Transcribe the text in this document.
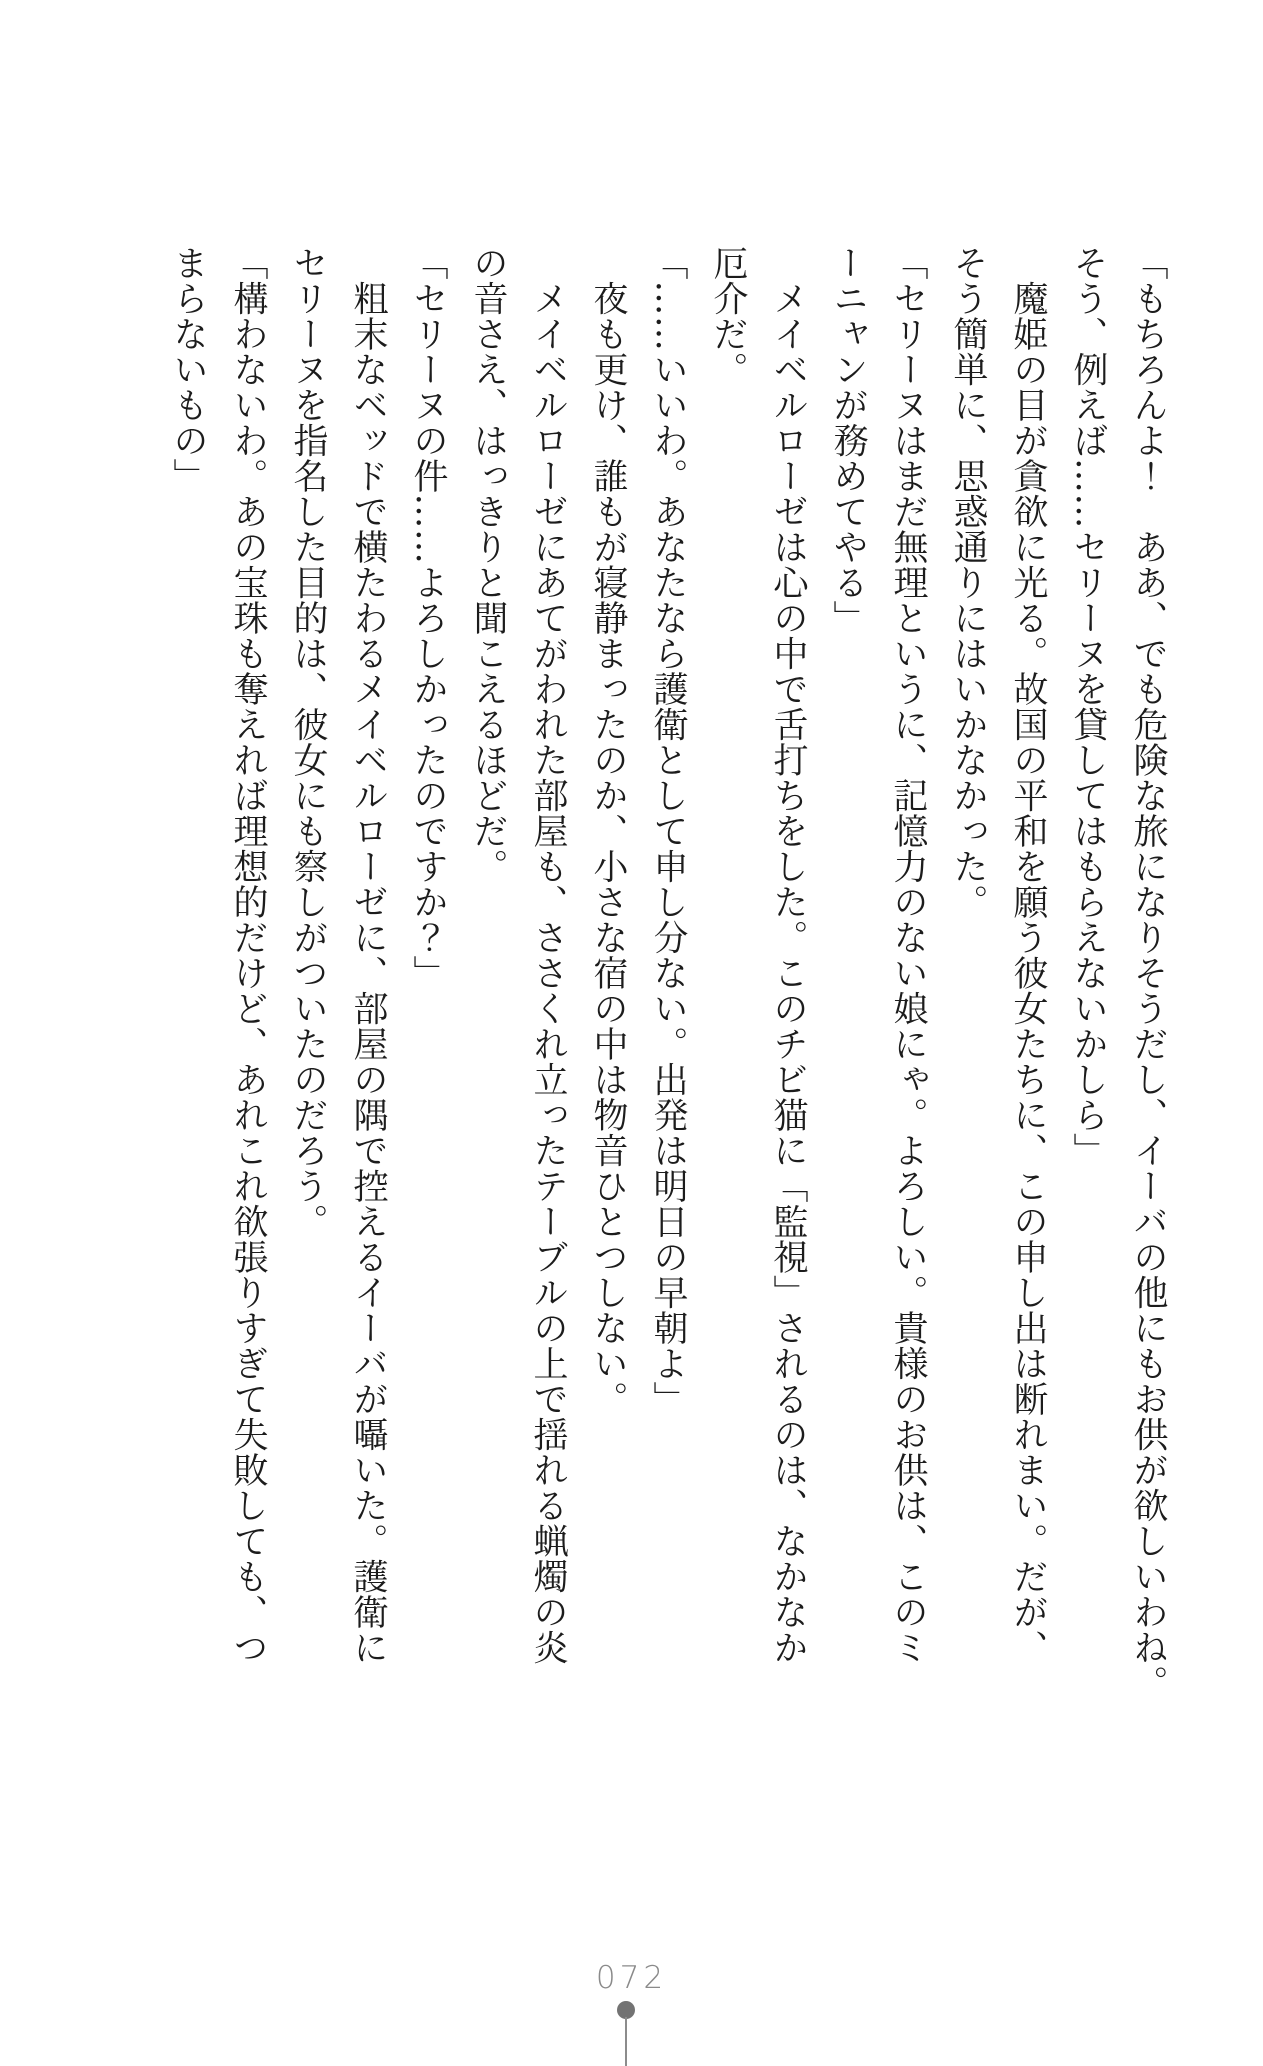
「もちろんよ！　ああ、でも危険な旅になりそうだし、イーバの他にもお供が欲しいわね。
そう、例えば……セリーヌを貸してはもらえないかしら」
　魔姫の目が貪欲に光る。故国の平和を願う彼女たちに、この申し出は断れまい。だが、
そう簡単に、思惑通りにはいかなかった。
「セリーヌはまだ無理というに、記憶力のない娘にゃ。よろしい。貴様のお供は、このミ
ーニャンが務めてやる」
　メイベルローゼは心の中で舌打ちをした。このチビ猫に「監視」されるのは、なかなか
厄介だ。
「……いいわ。あなたなら護衛として申し分ない。出発は明日の早朝よ」
　夜も更け、誰もが寝静まったのか、小さな宿の中は物音ひとつしない。
　メイベルローゼにあてがわれた部屋も、ささくれ立ったテーブルの上で揺れる蝋燭の炎
の音さえ、はっきりと聞こえるほどだ。
「セリーヌの件……よろしかったのですか？」
　粗末なベッドで横たわるメイベルローゼに、部屋の隅で控えるイーバが囁いた。護衛に
セリーヌを指名した目的は、彼女にも察しがついたのだろう。
「構わないわ。あの宝珠も奪えれば理想的だけど、あれこれ欲張りすぎて失敗しても、つ
まらないもの」
072
